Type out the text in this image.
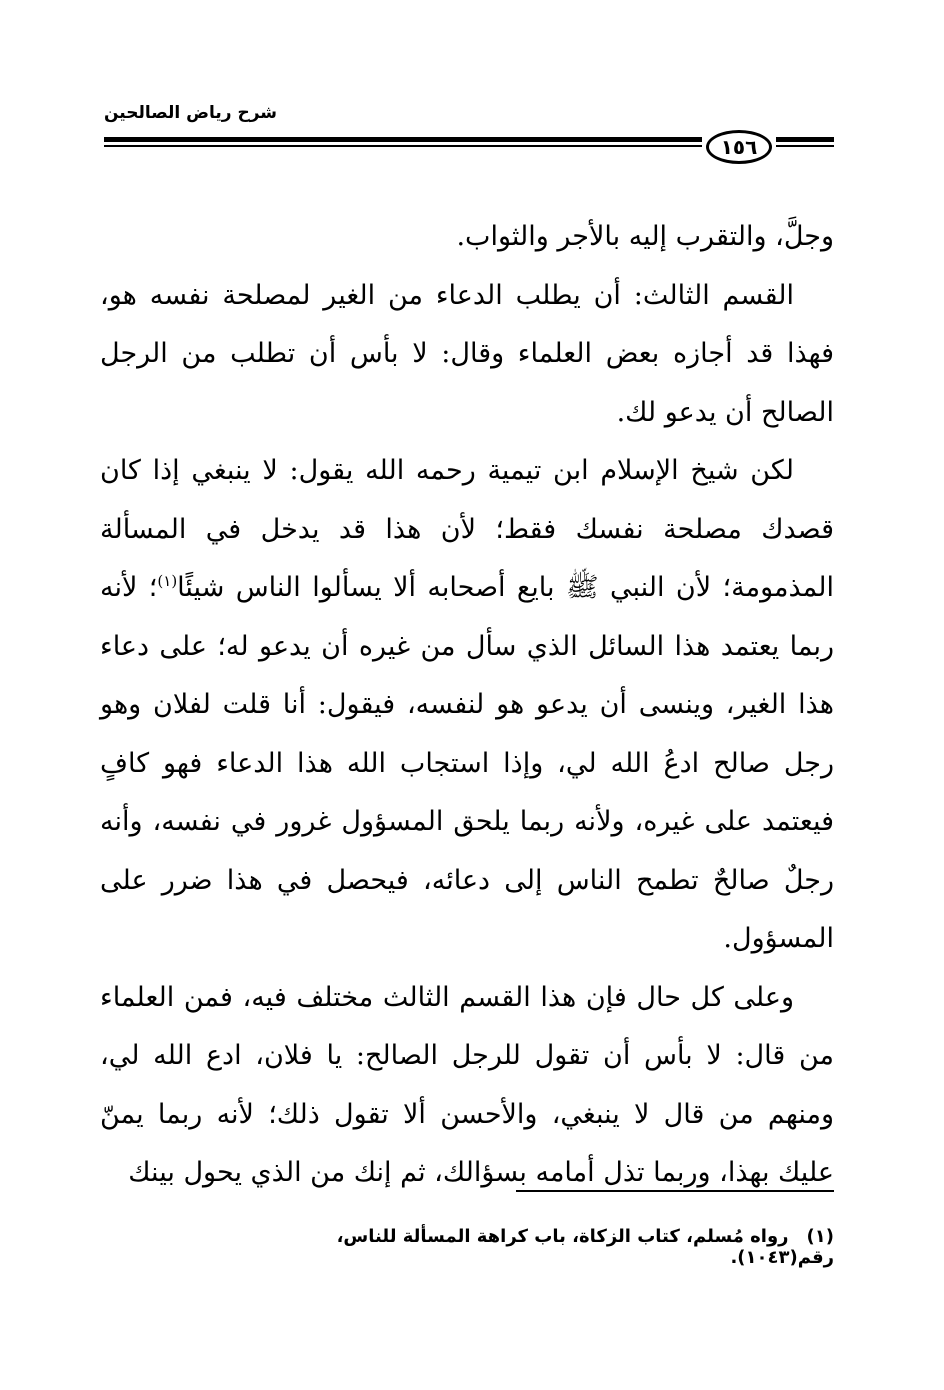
شرح رياض الصالحين
١٥٦

وجلَّ، والتقرب إليه بالأجر والثواب.

القسم الثالث: أن يطلب الدعاء من الغير لمصلحة نفسه هو، فهذا قد أجازه بعض العلماء وقال: لا بأس أن تطلب من الرجل الصالح أن يدعو لك.

لكن شيخ الإسلام ابن تيمية رحمه الله يقول: لا ينبغي إذا كان قصدك مصلحة نفسك فقط؛ لأن هذا قد يدخل في المسألة المذمومة؛ لأن النبي ﷺ بايع أصحابه ألا يسألوا الناس شيئًا$^{(١)}$؛ لأنه ربما يعتمد هذا السائل الذي سأل من غيره أن يدعو له؛ على دعاء هذا الغير، وينسى أن يدعو هو لنفسه، فيقول: أنا قلت لفلان وهو رجل صالح ادعُ الله لي، وإذا استجاب الله هذا الدعاء فهو كافٍ فيعتمد على غيره، ولأنه ربما يلحق المسؤول غرور في نفسه، وأنه رجلٌ صالحٌ تطمح الناس إلى دعائه، فيحصل في هذا ضرر على المسؤول.

وعلى كل حال فإن هذا القسم الثالث مختلف فيه، فمن العلماء من قال: لا بأس أن تقول للرجل الصالح: يا فلان، ادع الله لي، ومنهم من قال لا ينبغي، والأحسن ألا تقول ذلك؛ لأنه ربما يمنّ عليك بهذا، وربما تذل أمامه بسؤالك، ثم إنك من الذي يحول بينك

(١)رواه مُسلم، كتاب الزكاة، باب كراهة المسألة للناس، رقم(١٠٤٣).
